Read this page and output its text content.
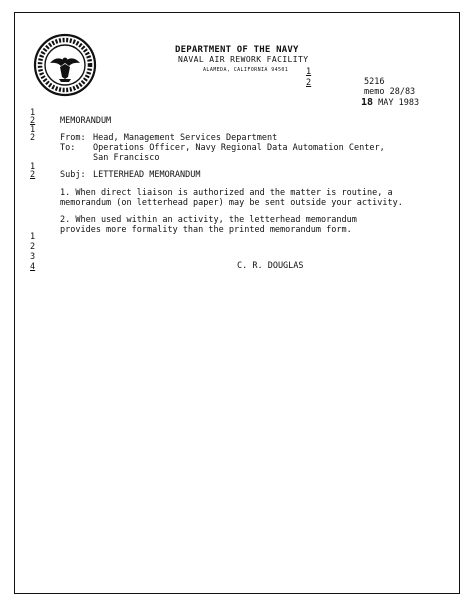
DEPARTMENT OF THE NAVY
NAVAL AIR REWORK FACILITY
ALAMEDA, CALIFORNIA 94501 1
2	5216
memo 28/83
18 MAY 1983
1
2	MEMORANDUM
1
2	From: Head, Management Services Department
To: Operations Officer, Navy Regional Data Automation Center,
San Francisco
1
2	Subj: LETTERHEAD MEMORANDUM
1. When direct liaison is authorized and the matter is routine, a
memorandum (on letterhead paper) may be sent outside your activity.
2. When used within an activity, the letterhead memorandum
provides more formality than the printed memorandum form.
1
2
3
4	C. R. DOUGLAS
